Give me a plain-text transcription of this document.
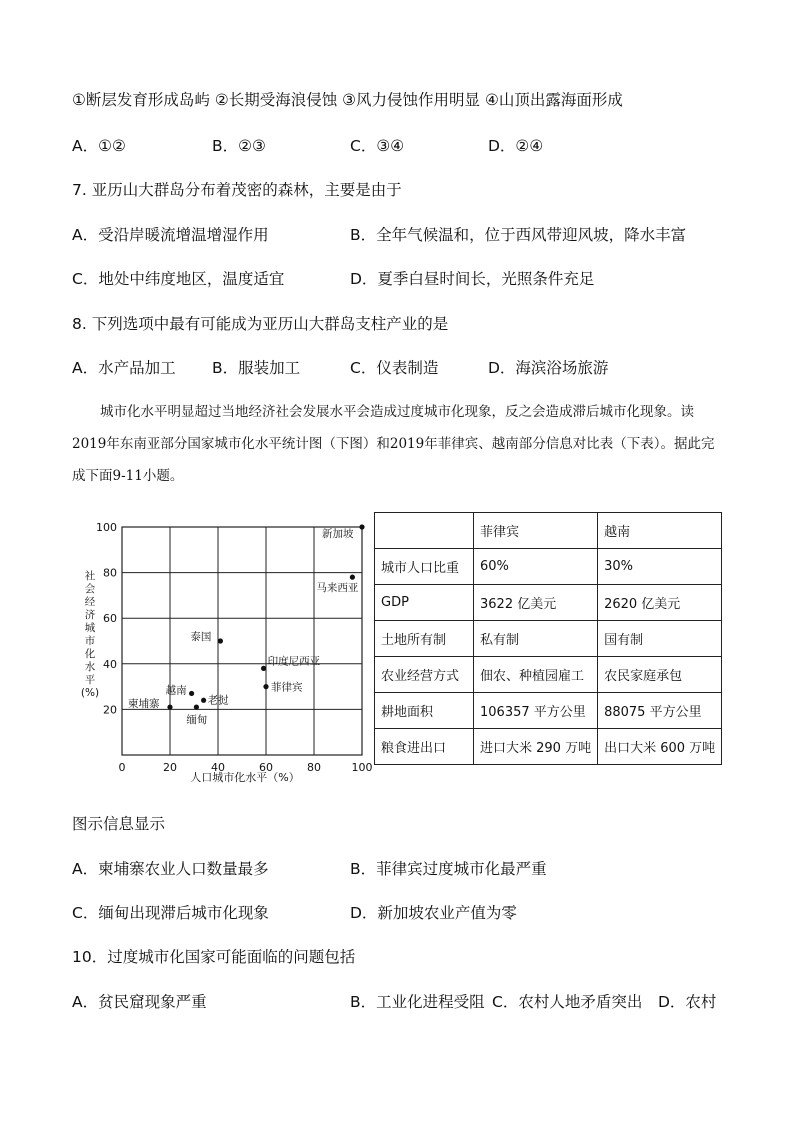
①断层发育形成岛屿 ②长期受海浪侵蚀 ③风力侵蚀作用明显 ④山顶出露海面形成
A．①②	B．②③	C．③④	D．②④
7. 亚历山大群岛分布着茂密的森林，主要是由于
A．受沿岸暖流增温增湿作用	B．全年气候温和，位于西风带迎风坡，降水丰富
C．地处中纬度地区，温度适宜	D．夏季白昼时间长，光照条件充足
8. 下列选项中最有可能成为亚历山大群岛支柱产业的是
A．水产品加工 B．服装加工	C．仪表制造	D．海滨浴场旅游
城市化水平明显超过当地经济社会发展水平会造成过度城市化现象，反之会造成滞后城市化现象。读2019年东南亚部分国家城市化水平统计图（下图）和2019年菲律宾、越南部分信息对比表（下表）。据此完成下面9-11小题。
20
40
60
80
100
0	20	40	60	80	100
新加坡
马来西亚
泰国
印度尼西亚
菲律宾
越南
老挝
柬埔寨
缅甸
社
会
经
济
城
市
化
水
平
(%)
人口城市化水平（%）
	菲律宾	越南
城市人口比重	60%	30%
GDP	3622 亿美元	2620 亿美元
土地所有制	私有制	国有制
农业经营方式	佃农、种植园雇工	农民家庭承包
耕地面积	106357 平方公里	88075 平方公里
粮食进出口	进口大米 290 万吨	出口大米 600 万吨
图示信息显示
A．柬埔寨农业人口数量最多	B．菲律宾过度城市化最严重
C．缅甸出现滞后城市化现象	D．新加坡农业产值为零
10．过度城市化国家可能面临的问题包括
A．贫民窟现象严重	B．工业化进程受阻 C．农村人地矛盾突出 D．农村
